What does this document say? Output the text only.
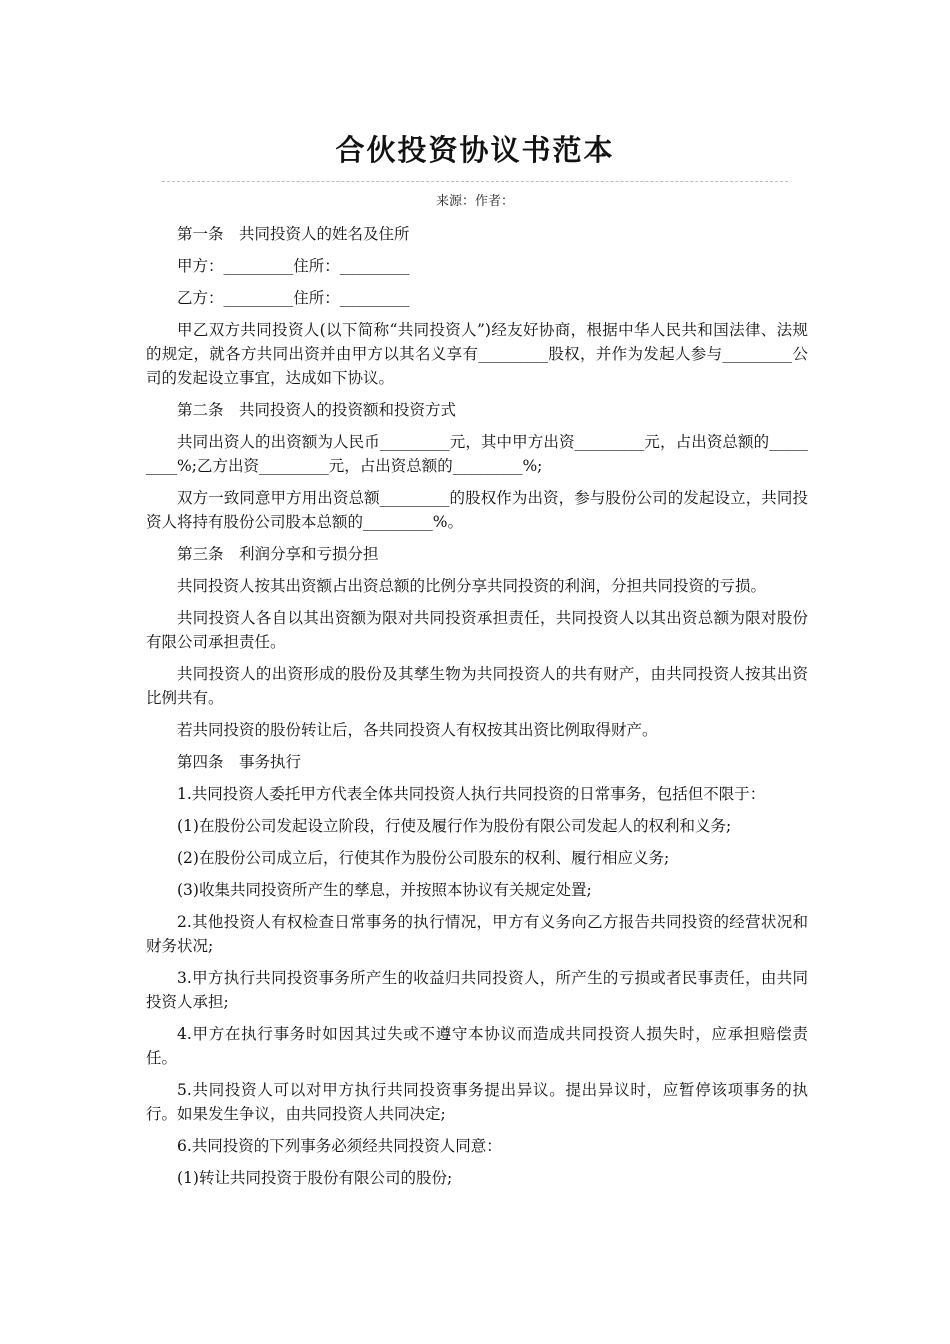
合伙投资协议书范本
来源：作者：

第一条　共同投资人的姓名及住所

甲方：_________住所：_________

乙方：_________住所：_________

甲乙双方共同投资人(以下简称“共同投资人”)经友好协商，根据中华人民共和国法律、法规的规定，就各方共同出资并由甲方以其名义享有_________股权，并作为发起人参与_________公司的发起设立事宜，达成如下协议。

第二条　共同投资人的投资额和投资方式

共同出资人的出资额为人民币_________元，其中甲方出资_________元，占出资总额的_________%;乙方出资_________元，占出资总额的_________%;

双方一致同意甲方用出资总额_________的股权作为出资，参与股份公司的发起设立，共同投资人将持有股份公司股本总额的_________%。

第三条　利润分享和亏损分担

共同投资人按其出资额占出资总额的比例分享共同投资的利润，分担共同投资的亏损。

共同投资人各自以其出资额为限对共同投资承担责任，共同投资人以其出资总额为限对股份有限公司承担责任。

共同投资人的出资形成的股份及其孳生物为共同投资人的共有财产，由共同投资人按其出资比例共有。

若共同投资的股份转让后，各共同投资人有权按其出资比例取得财产。

第四条　事务执行

1.共同投资人委托甲方代表全体共同投资人执行共同投资的日常事务，包括但不限于：

(1)在股份公司发起设立阶段，行使及履行作为股份有限公司发起人的权利和义务;

(2)在股份公司成立后，行使其作为股份公司股东的权利、履行相应义务;

(3)收集共同投资所产生的孳息，并按照本协议有关规定处置;

2.其他投资人有权检查日常事务的执行情况，甲方有义务向乙方报告共同投资的经营状况和财务状况;

3.甲方执行共同投资事务所产生的收益归共同投资人，所产生的亏损或者民事责任，由共同投资人承担;

4.甲方在执行事务时如因其过失或不遵守本协议而造成共同投资人损失时，应承担赔偿责任。

5.共同投资人可以对甲方执行共同投资事务提出异议。提出异议时，应暂停该项事务的执行。如果发生争议，由共同投资人共同决定;

6.共同投资的下列事务必须经共同投资人同意：

(1)转让共同投资于股份有限公司的股份;
